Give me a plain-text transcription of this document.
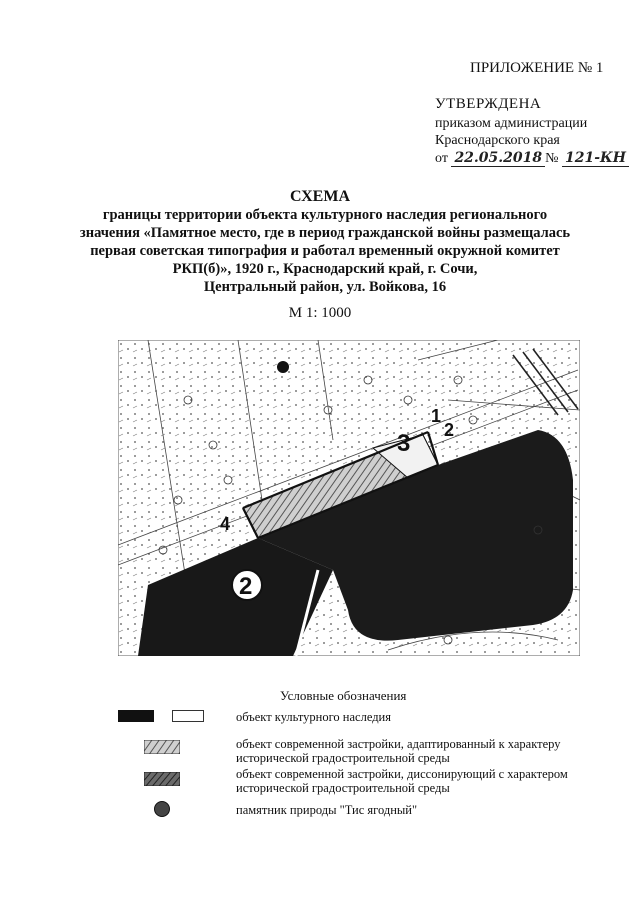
ПРИЛОЖЕНИЕ № 1
УТВЕРЖДЕНА
приказом администрации
Краснодарского края
от 22.05.2018 № 121-КН
СХЕМА
границы территории объекта культурного наследия регионального
значения «Памятное место, где в период гражданской войны размещалась
первая советская типография и работал временный окружной комитет
РКП(б)», 1920 г., Краснодарский край, г. Сочи,
Центральный район, ул. Войкова, 16
М 1: 1000
3
1
2
4
2
Условные обозначения
объект культурного наследия
объект современной застройки, адаптированный к характеру
исторической градостроительной среды
объект современной застройки, диссонирующий с характером
исторической градостроительной среды
памятник природы "Тис ягодный"
